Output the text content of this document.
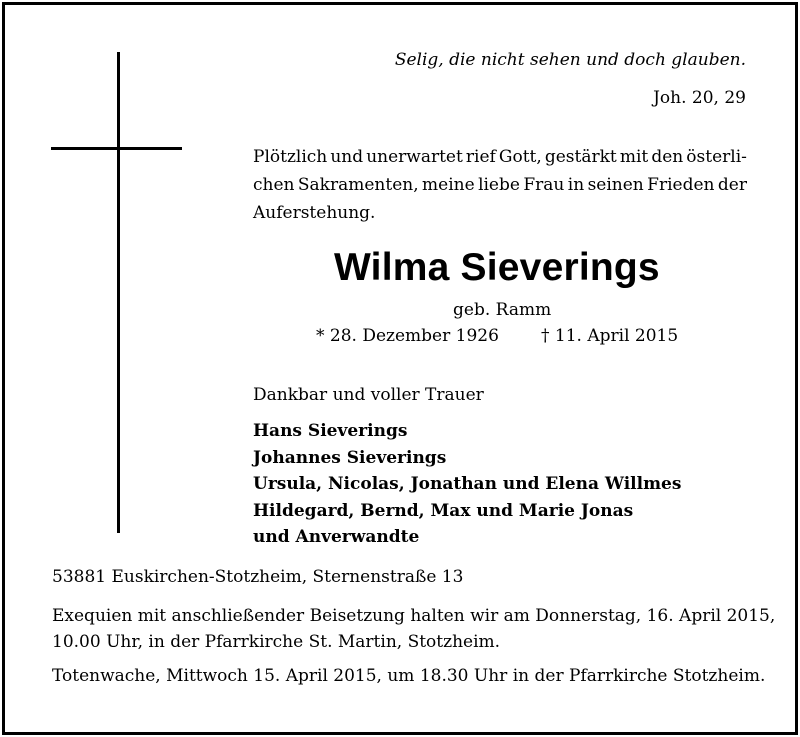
Selig, die nicht sehen und doch glauben.
Joh. 20, 29
Plötzlich und unerwartet rief Gott, gestärkt mit den österli-
chen Sakramenten, meine liebe Frau in seinen Frieden der
Auferstehung.
Wilma Sieverings
geb. Ramm
* 28. Dezember 1926 † 11. April 2015
Dankbar und voller Trauer
Hans Sieverings
Johannes Sieverings
Ursula, Nicolas, Jonathan und Elena Willmes
Hildegard, Bernd, Max und Marie Jonas
und Anverwandte
53881 Euskirchen-Stotzheim, Sternenstraße 13
Exequien mit anschließender Beisetzung halten wir am Donnerstag, 16. April 2015,
10.00 Uhr, in der Pfarrkirche St. Martin, Stotzheim.
Totenwache, Mittwoch 15. April 2015, um 18.30 Uhr in der Pfarrkirche Stotzheim.
